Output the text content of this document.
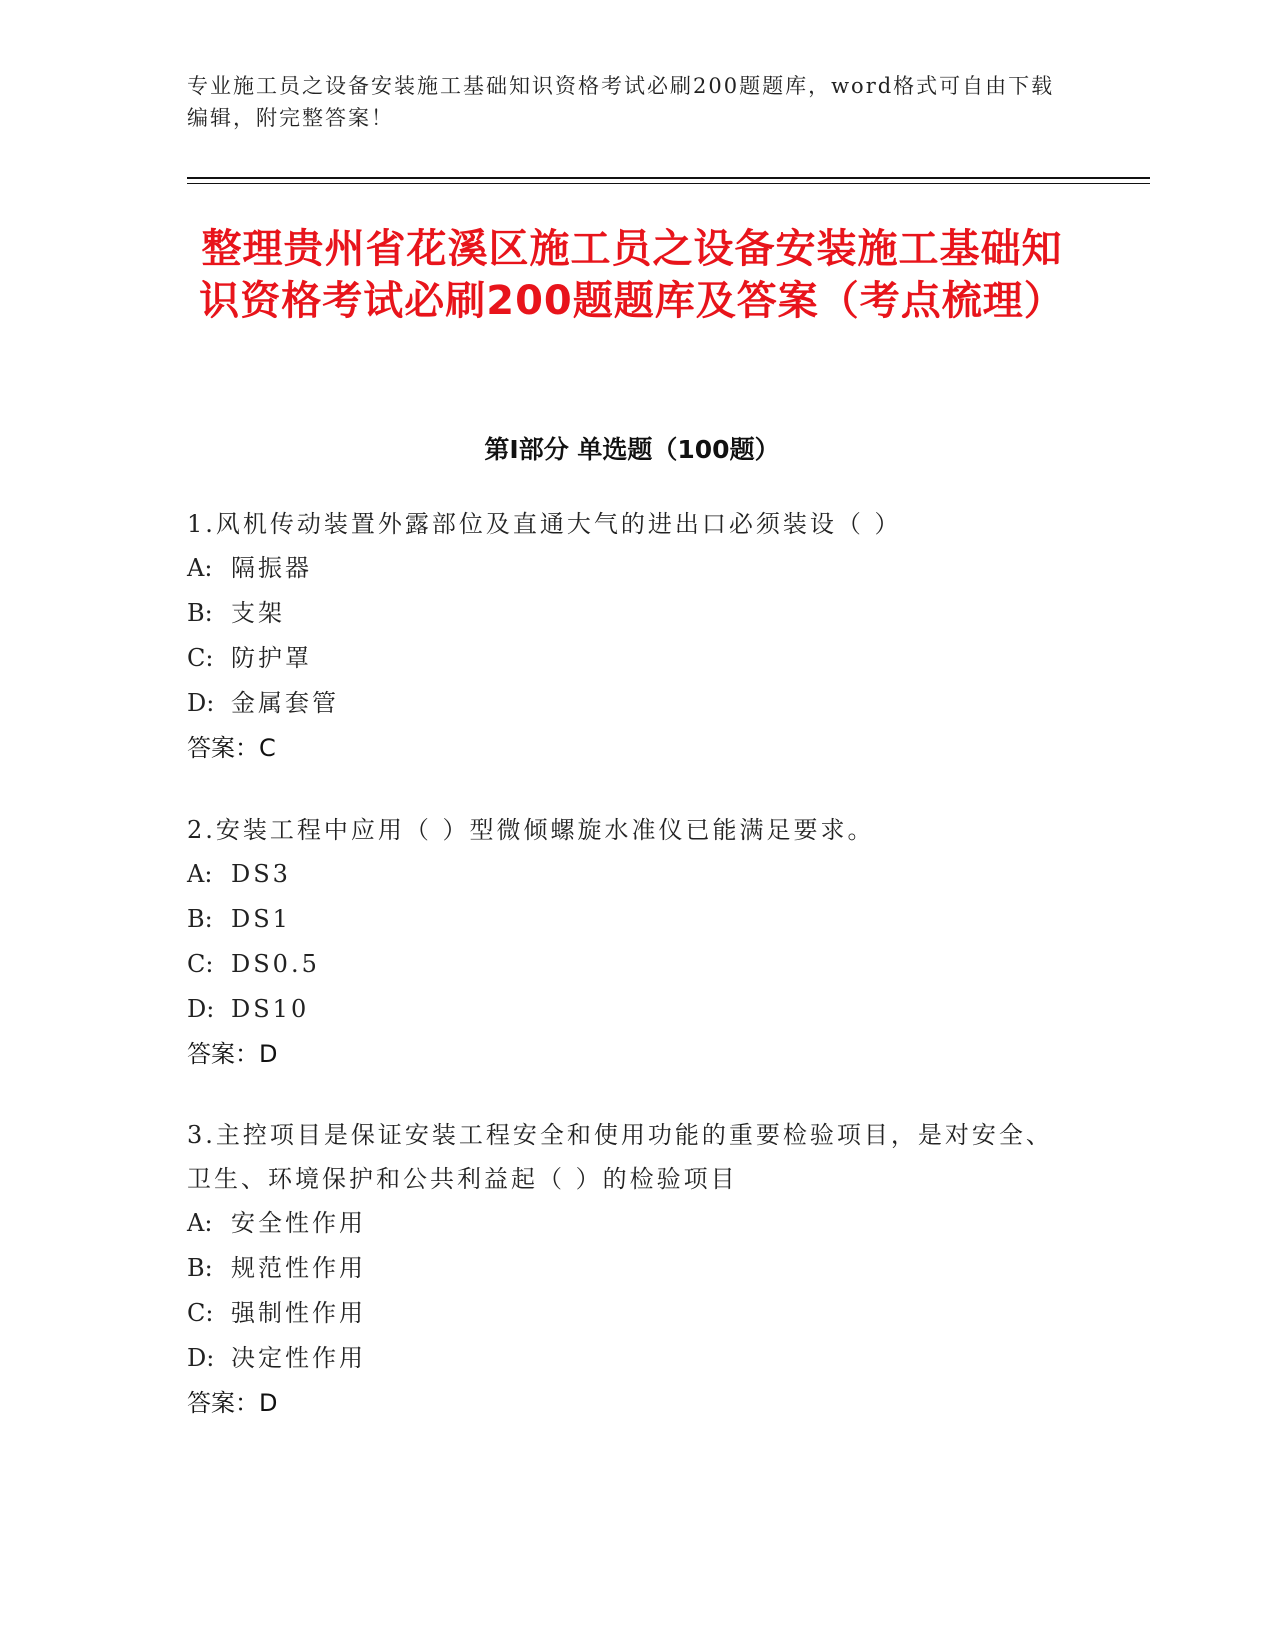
专业施工员之设备安装施工基础知识资格考试必刷200题题库，word格式可自由下载编辑，附完整答案！
整理贵州省花溪区施工员之设备安装施工基础知识资格考试必刷200题题库及答案（考点梳理）
第Ⅰ部分 单选题（100题）

1.风机传动装置外露部位及直通大气的进出口必须装设（ ）

A: 隔振器

B: 支架

C: 防护罩

D: 金属套管

答案：C

2.安装工程中应用（ ）型微倾螺旋水准仪已能满足要求。

A: DS3

B: DS1

C: DS0.5

D: DS10

答案：D

3.主控项目是保证安装工程安全和使用功能的重要检验项目，是对安全、卫生、环境保护和公共利益起（ ）的检验项目

A: 安全性作用

B: 规范性作用

C: 强制性作用

D: 决定性作用

答案：D
